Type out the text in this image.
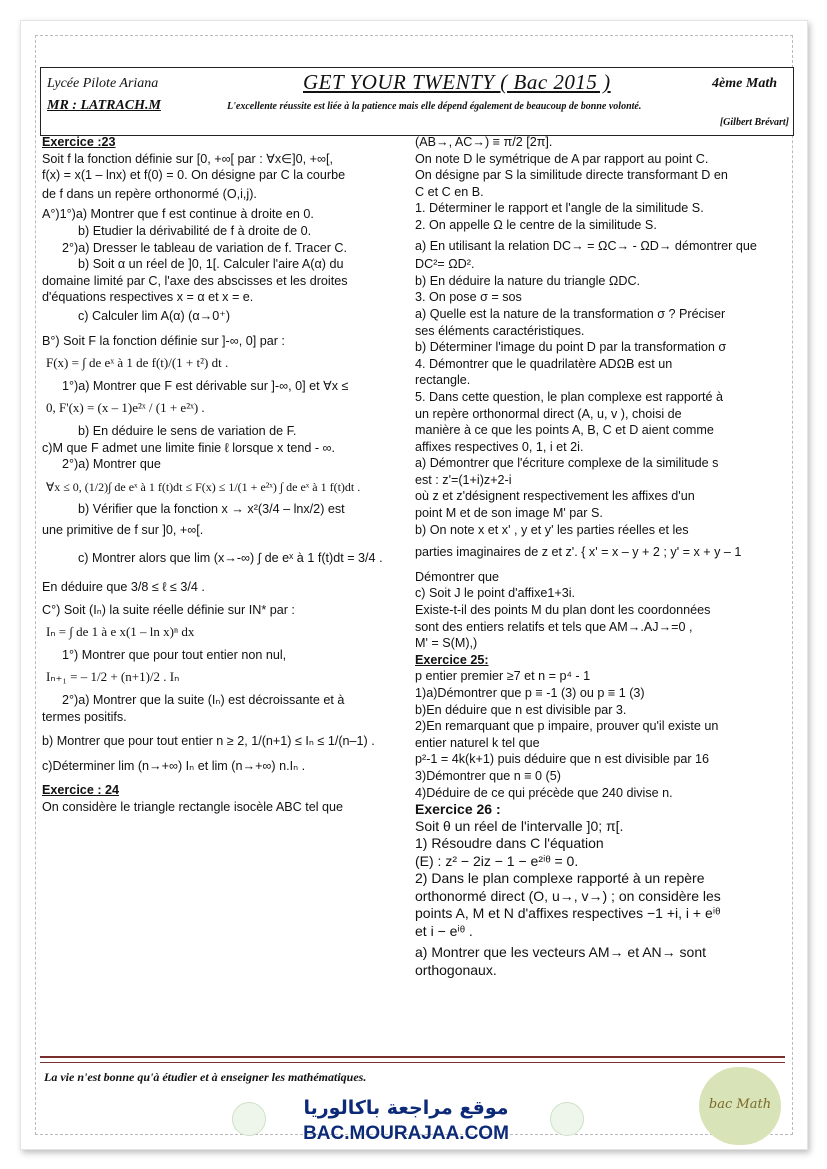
Lycée Pilote Ariana
MR : LATRACH.M
GET YOUR TWENTY ( Bac 2015 )	4ème Math
L'excellente réussite est liée à la patience mais elle dépend également de beaucoup de bonne volonté.
[Gilbert Brévart]

Exercice :23

Soit f la fonction définie sur [0, +∞[ par : ∀x∈]0, +∞[,

f(x) = x(1 – lnx) et f(0) = 0. On désigne par C la courbe

de f dans un repère orthonormé (O,i,j).

A°)1°)a) Montrer que f est continue à droite en 0.

b) Etudier la dérivabilité de f à droite de 0.

2°)a) Dresser le tableau de variation de f. Tracer C.

b) Soit α un réel de ]0, 1[. Calculer l'aire A(α) du

domaine limité par C, l'axe des abscisses et les droites

d'équations respectives x = α et x = e.

c) Calculer lim A(α) (α→0⁺)

B°) Soit F la fonction définie sur ]-∞, 0] par :

F(x) = ∫ de eˣ à 1 de f(t)/(1 + t²) dt .

1°)a) Montrer que F est dérivable sur ]-∞, 0] et ∀x ≤

0, F'(x) = (x – 1)e²ˣ / (1 + e²ˣ) .

b) En déduire le sens de variation de F.

c)M que F admet une limite finie ℓ lorsque x tend - ∞.

2°)a) Montrer que

∀x ≤ 0, (1/2)∫ de eˣ à 1 f(t)dt ≤ F(x) ≤ 1/(1 + e²ˣ) ∫ de eˣ à 1 f(t)dt .

b) Vérifier que la fonction x → x²(3/4 – lnx/2) est

une primitive de f sur ]0, +∞[.

c) Montrer alors que lim (x→-∞) ∫ de eˣ à 1 f(t)dt = 3/4 .

En déduire que 3/8 ≤ ℓ ≤ 3/4 .

C°) Soit (Iₙ) la suite réelle définie sur IN* par :

Iₙ = ∫ de 1 à e x(1 – ln x)ⁿ dx

1°) Montrer que pour tout entier non nul,

Iₙ₊₁ = – 1/2 + (n+1)/2 . Iₙ

2°)a) Montrer que la suite (Iₙ) est décroissante et à

termes positifs.

b) Montrer que pour tout entier n ≥ 2, 1/(n+1) ≤ Iₙ ≤ 1/(n–1) .

c)Déterminer lim (n→+∞) Iₙ et lim (n→+∞) n.Iₙ .

Exercice : 24

On considère le triangle rectangle isocèle ABC tel que

(AB→, AC→) ≡ π/2 [2π].

On note D le symétrique de A par rapport au point C.

On désigne par S la similitude directe transformant D en

C et C en B.

1. Déterminer le rapport et l'angle de la similitude S.

2. On appelle Ω le centre de la similitude S.

a) En utilisant la relation DC→ = ΩC→ - ΩD→ démontrer que

DC²= ΩD².

b) En déduire la nature du triangle ΩDC.

3. On pose σ = sos

a) Quelle est la nature de la transformation σ ? Préciser

ses éléments caractéristiques.

b) Déterminer l'image du point D par la transformation σ

4. Démontrer que le quadrilatère ADΩB est un

rectangle.

5. Dans cette question, le plan complexe est rapporté à

un repère orthonormal direct (A, u, v ), choisi de

manière à ce que les points A, B, C et D aient comme

affixes respectives 0, 1, i et 2i.

a) Démontrer que l'écriture complexe de la similitude s

est : z'=(1+i)z+2-i

où z et z'désignent respectivement les affixes d'un

point M et de son image M' par S.

b) On note x et x' , y et y' les parties réelles et les

parties imaginaires de z et z'. { x' = x – y + 2 ; y' = x + y – 1

Démontrer que

c) Soit J le point d'affixe1+3i.

Existe-t-il des points M du plan dont les coordonnées

sont des entiers relatifs et tels que AM→.AJ→=0 ,

M' = S(M),)

Exercice 25:

p entier premier ≥7 et n = p⁴ - 1

1)a)Démontrer que p ≡ -1 (3) ou p ≡ 1 (3)

b)En déduire que n est divisible par 3.

2)En remarquant que p impaire, prouver qu'il existe un

entier naturel k tel que

p²-1 = 4k(k+1) puis déduire que n est divisible par 16

3)Démontrer que n ≡ 0 (5)

4)Déduire de ce qui précède que 240 divise n.

Exercice 26 :

Soit θ un réel de l'intervalle ]0; π[.

1) Résoudre dans C l'équation

(E) : z² − 2iz − 1 − e²ⁱᶿ = 0.

2) Dans le plan complexe rapporté à un repère

orthonormé direct (O, u→, v→) ; on considère les

points A, M et N d'affixes respectives −1 +i, i + eⁱᶿ

et i − eⁱᶿ .

a) Montrer que les vecteurs AM→ et AN→ sont

orthogonaux.

La vie n'est bonne qu'à étudier et à enseigner les mathématiques.
موقع مراجعة باكالوريا
BAC.MOURAJAA.COM
bac Math
